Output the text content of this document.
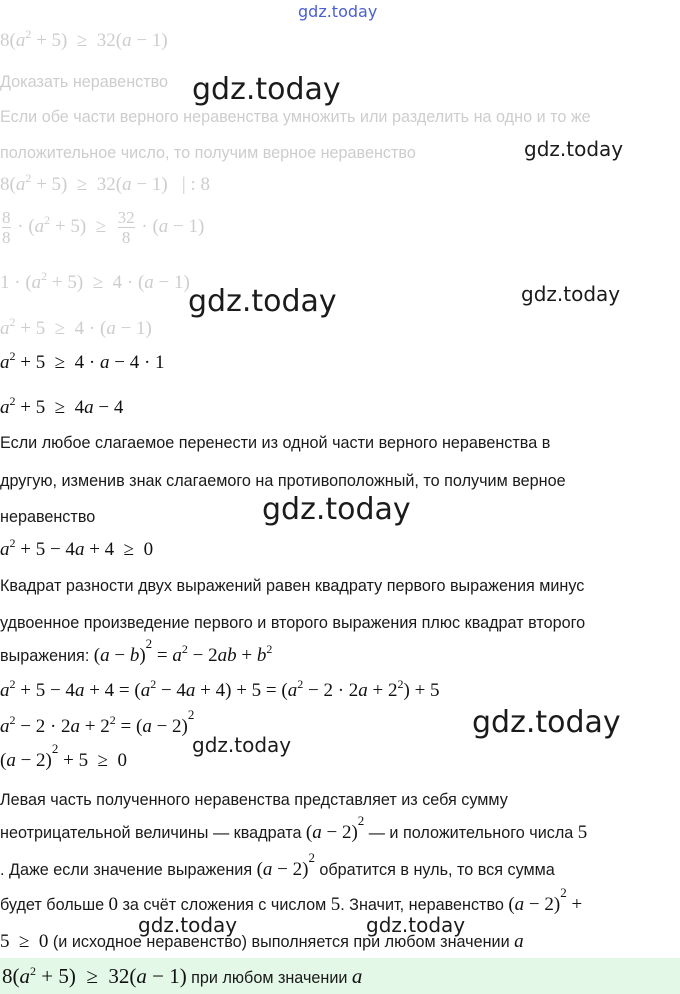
gdz.today
gdz.today
gdz.today
gdz.today	gdz.today
gdz.today
gdz.today
gdz.today
gdz.today	gdz.today
$8(a^2 + 5) \ge 32(a - 1)$
Доказать неравенство
Если обе части верного неравенства умножить или разделить на одно и то же
положительное число, то получим верное неравенство
$8(a^2 + 5) \ge 32(a - 1)$   | : 8
$\frac{8}{8} \cdot (a^2 + 5) \ge \frac{32}{8} \cdot (a - 1)$
$1 \cdot (a^2 + 5) \ge 4 \cdot (a - 1)$
$a^2 + 5 \ge 4 \cdot (a - 1)$
$a^2 + 5 \ge 4 \cdot a - 4 \cdot 1$
$a^2 + 5 \ge 4a - 4$
Если любое слагаемое перенести из одной части верного неравенства в
другую, изменив знак слагаемого на противоположный, то получим верное
неравенство
$a^2 + 5 - 4a + 4 \ge 0$
Квадрат разности двух выражений равен квадрату первого выражения минус
удвоенное произведение первого и второго выражения плюс квадрат второго
выражения: $(a - b)^2 = a^2 - 2ab + b^2$
$a^2 + 5 - 4a + 4 = (a^2 - 4a + 4) + 5 = (a^2 - 2 \cdot 2a + 2^2) + 5$
$a^2 - 2 \cdot 2a + 2^2 = (a - 2)^2$
$(a - 2)^2 + 5 \ge 0$
Левая часть полученного неравенства представляет из себя сумму
неотрицательной величины — квадрата $(a - 2)^2$ — и положительного числа 5
. Даже если значение выражения $(a - 2)^2$ обратится в нуль, то вся сумма
будет больше 0 за счёт сложения с числом 5. Значит, неравенство $(a - 2)^2$ +
5  ≥  0 (и исходное неравенство) выполняется при любом значении a
$8(a^2 + 5) \ge 32(a - 1)$ при любом значении a
